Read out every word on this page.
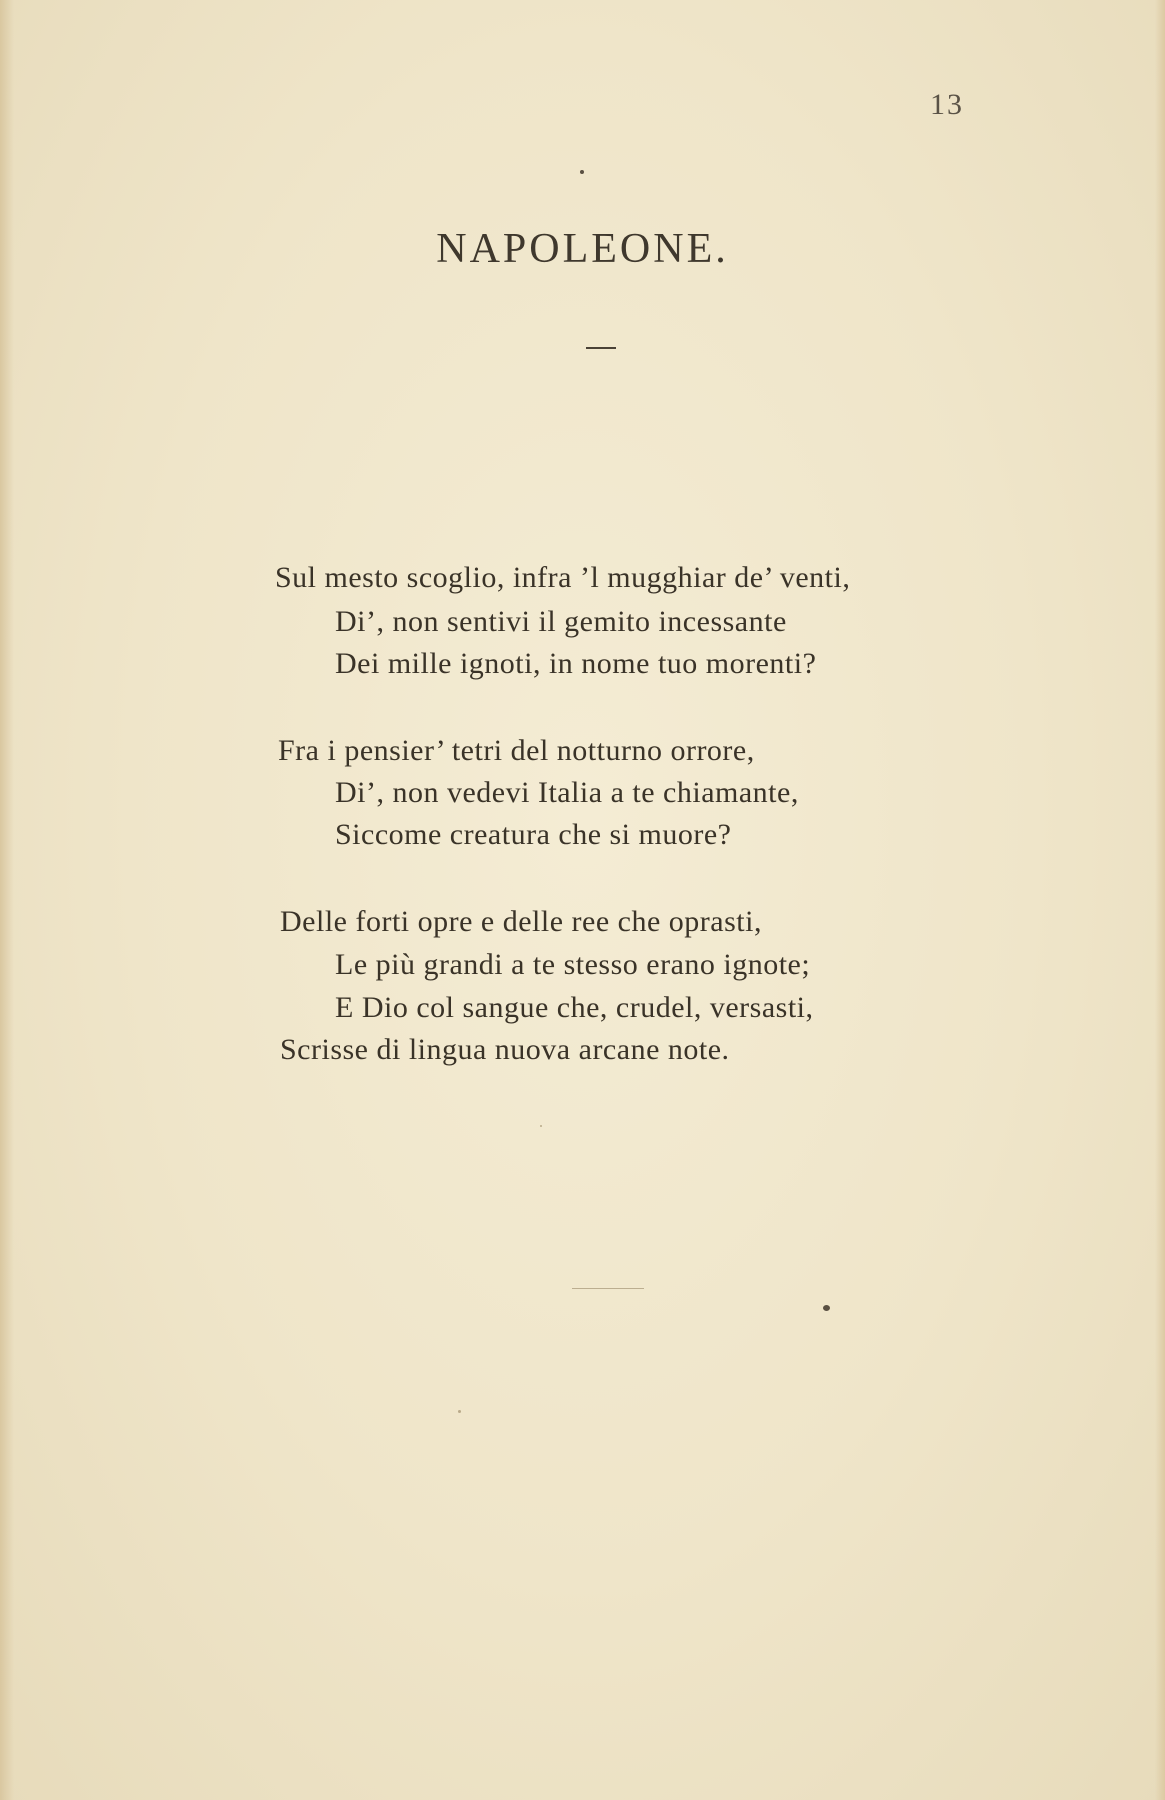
13
NAPOLEONE.
Sul mesto scoglio, infra ’l mugghiar de’ venti,
Di’, non sentivi il gemito incessante
Dei mille ignoti, in nome tuo morenti?
Fra i pensier’ tetri del notturno orrore,
Di’, non vedevi Italia a te chiamante,
Siccome creatura che si muore?
Delle forti opre e delle ree che oprasti,
Le più grandi a te stesso erano ignote;
E Dio col sangue che, crudel, versasti,
Scrisse di lingua nuova arcane note.
